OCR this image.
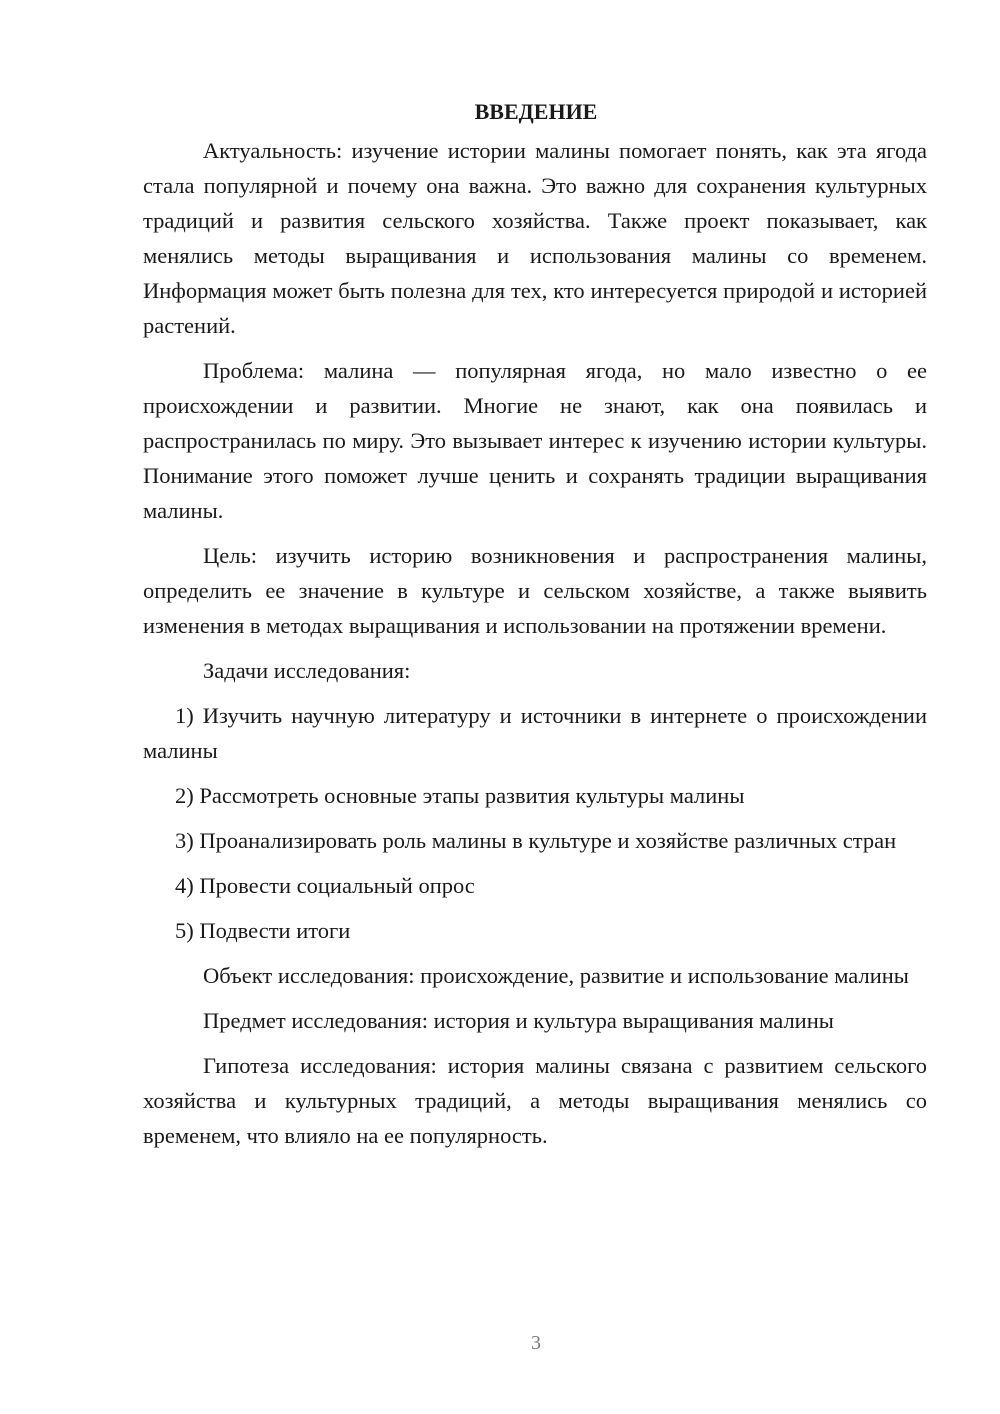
ВВЕДЕНИЕ

Актуальность: изучение истории малины помогает понять, как эта ягода стала популярной и почему она важна. Это важно для сохранения культурных традиций и развития сельского хозяйства. Также проект показывает, как менялись методы выращивания и использования малины со временем. Информация может быть полезна для тех, кто интересуется природой и историей растений.

Проблема: малина — популярная ягода, но мало известно о ее происхождении и развитии. Многие не знают, как она появилась и распространилась по миру. Это вызывает интерес к изучению истории культуры. Понимание этого поможет лучше ценить и сохранять традиции выращивания малины.

Цель: изучить историю возникновения и распространения малины, определить ее значение в культуре и сельском хозяйстве, а также выявить изменения в методах выращивания и использовании на протяжении времени.

Задачи исследования:

1) Изучить научную литературу и источники в интернете о происхождении малины

2) Рассмотреть основные этапы развития культуры малины

3) Проанализировать роль малины в культуре и хозяйстве различных стран

4) Провести социальный опрос

5) Подвести итоги

Объект исследования: происхождение, развитие и использование малины

Предмет исследования: история и культура выращивания малины

Гипотеза исследования: история малины связана с развитием сельского хозяйства и культурных традиций, а методы выращивания менялись со временем, что влияло на ее популярность.

3
